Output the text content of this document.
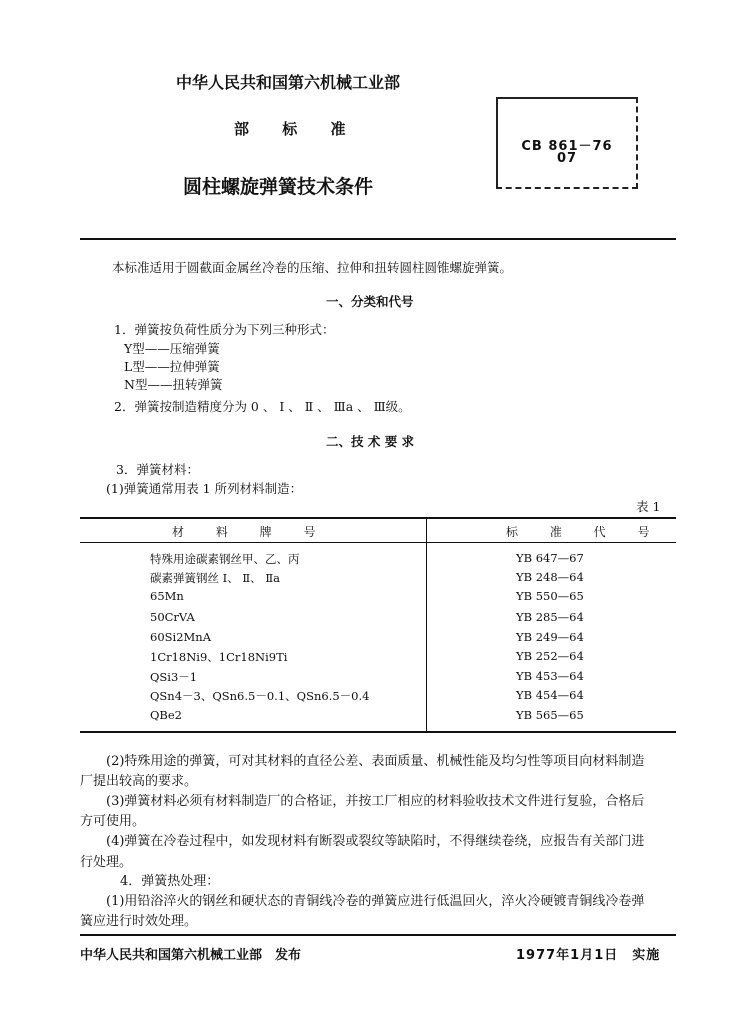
中华人民共和国第六机械工业部
部 标 准
圆柱螺旋弹簧技术条件
CB 861－76
07
本标准适用于圆截面金属丝冷卷的压缩、拉伸和扭转圆柱圆锥螺旋弹簧。
一、分类和代号
1．弹簧按负荷性质分为下列三种形式：
Y型——压缩弹簧
L型——拉伸弹簧
N型——扭转弹簧
2．弹簧按制造精度分为 0 、 Ⅰ 、 Ⅱ 、 Ⅲa 、 Ⅲ级。
二、技 术 要 求
3．弹簧材料：
(1)弹簧通常用表 1 所列材料制造：
表 1
材 料 牌 号	标 准 代 号
特殊用途碳素钢丝甲、乙、丙	YB 647—67
碳素弹簧钢丝 Ⅰ、 Ⅱ、 Ⅱa	YB 248—64
65Mn	YB 550—65
50CrVA	YB 285—64
60Si2MnA	YB 249—64
1Cr18Ni9、1Cr18Ni9Ti	YB 252—64
QSi3－1	YB 453—64
QSn4－3、QSn6.5－0.1、QSn6.5－0.4	YB 454—64
QBe2	YB 565—65
(2)特殊用途的弹簧，可对其材料的直径公差、表面质量、机械性能及均匀性等项目向材料制造
厂提出较高的要求。
(3)弹簧材料必须有材料制造厂的合格证，并按工厂相应的材料验收技术文件进行复验，合格后
方可使用。
(4)弹簧在冷卷过程中，如发现材料有断裂或裂纹等缺陷时，不得继续卷绕，应报告有关部门进
行处理。
4．弹簧热处理：
(1)用铅浴淬火的钢丝和硬状态的青铜线冷卷的弹簧应进行低温回火，淬火冷硬镀青铜线冷卷弹
簧应进行时效处理。
中华人民共和国第六机械工业部　发布	1977年1月1日　实施
